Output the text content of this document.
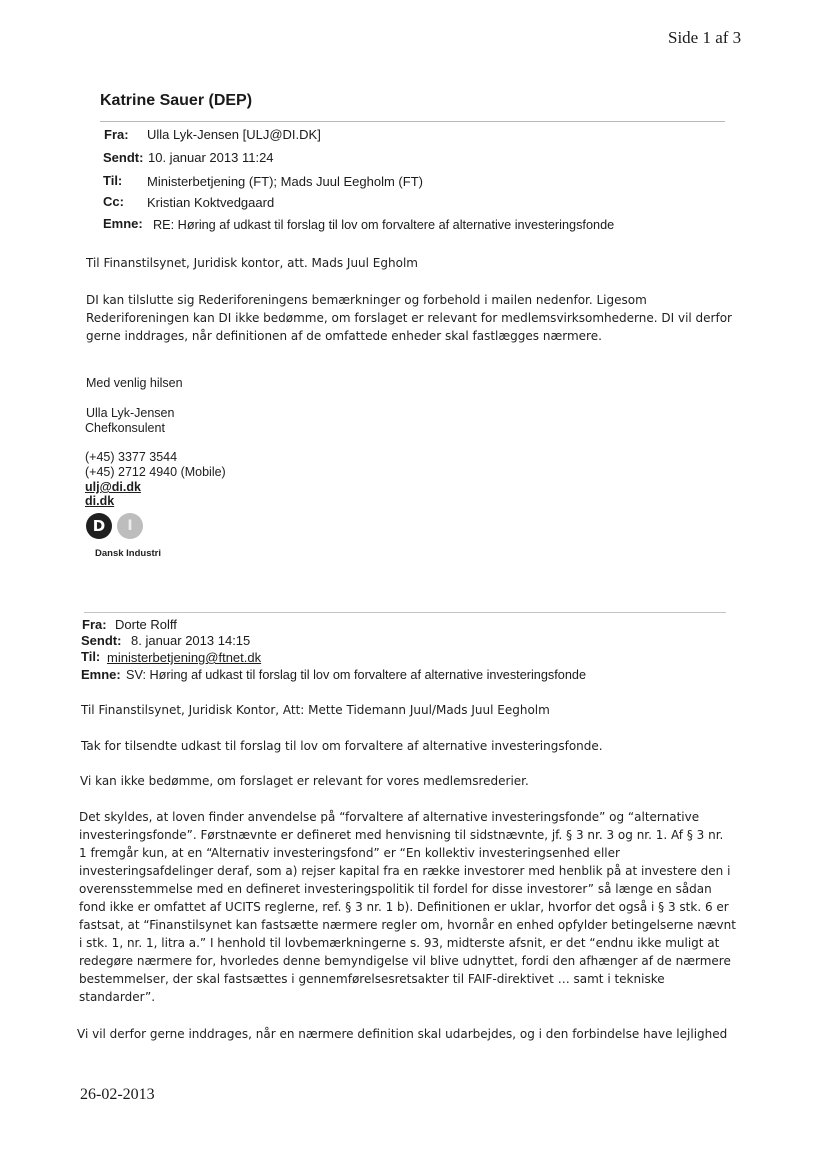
Side 1 af 3
Katrine Sauer (DEP)
Fra: Ulla Lyk-Jensen [ULJ@DI.DK]
Sendt: 10. januar 2013 11:24
Til: Ministerbetjening (FT); Mads Juul Eegholm (FT)
Cc: Kristian Koktvedgaard
Emne: RE: Høring af udkast til forslag til lov om forvaltere af alternative investeringsfonde
Til Finanstilsynet, Juridisk kontor, att. Mads Juul Egholm
DI kan tilslutte sig Rederiforeningens bemærkninger og forbehold i mailen nedenfor. Ligesom
Rederiforeningen kan DI ikke bedømme, om forslaget er relevant for medlemsvirksomhederne. DI vil derfor
gerne inddrages, når definitionen af de omfattede enheder skal fastlægges nærmere.
Med venlig hilsen
Ulla Lyk-Jensen
Chefkonsulent
(+45) 3377 3544
(+45) 2712 4940 (Mobile)
ulj@di.dk
di.dk
D	I
Dansk Industri
Fra: Dorte Rolff
Sendt: 8. januar 2013 14:15
Til: ministerbetjening@ftnet.dk
Emne: SV: Høring af udkast til forslag til lov om forvaltere af alternative investeringsfonde
Til Finanstilsynet, Juridisk Kontor, Att: Mette Tidemann Juul/Mads Juul Eegholm
Tak for tilsendte udkast til forslag til lov om forvaltere af alternative investeringsfonde.
Vi kan ikke bedømme, om forslaget er relevant for vores medlemsrederier.
Det skyldes, at loven finder anvendelse på “forvaltere af alternative investeringsfonde” og “alternative
investeringsfonde”. Førstnævnte er defineret med henvisning til sidstnævnte, jf. § 3 nr. 3 og nr. 1. Af § 3 nr.
1 fremgår kun, at en “Alternativ investeringsfond” er “En kollektiv investeringsenhed eller
investeringsafdelinger deraf, som a) rejser kapital fra en række investorer med henblik på at investere den i
overensstemmelse med en defineret investeringspolitik til fordel for disse investorer” så længe en sådan
fond ikke er omfattet af UCITS reglerne, ref. § 3 nr. 1 b). Definitionen er uklar, hvorfor det også i § 3 stk. 6 er
fastsat, at “Finanstilsynet kan fastsætte nærmere regler om, hvornår en enhed opfylder betingelserne nævnt
i stk. 1, nr. 1, litra a.” I henhold til lovbemærkningerne s. 93, midterste afsnit, er det “endnu ikke muligt at
redegøre nærmere for, hvorledes denne bemyndigelse vil blive udnyttet, fordi den afhænger af de nærmere
bestemmelser, der skal fastsættes i gennemførelsesretsakter til FAIF-direktivet … samt i tekniske
standarder”.
Vi vil derfor gerne inddrages, når en nærmere definition skal udarbejdes, og i den forbindelse have lejlighed
26-02-2013
